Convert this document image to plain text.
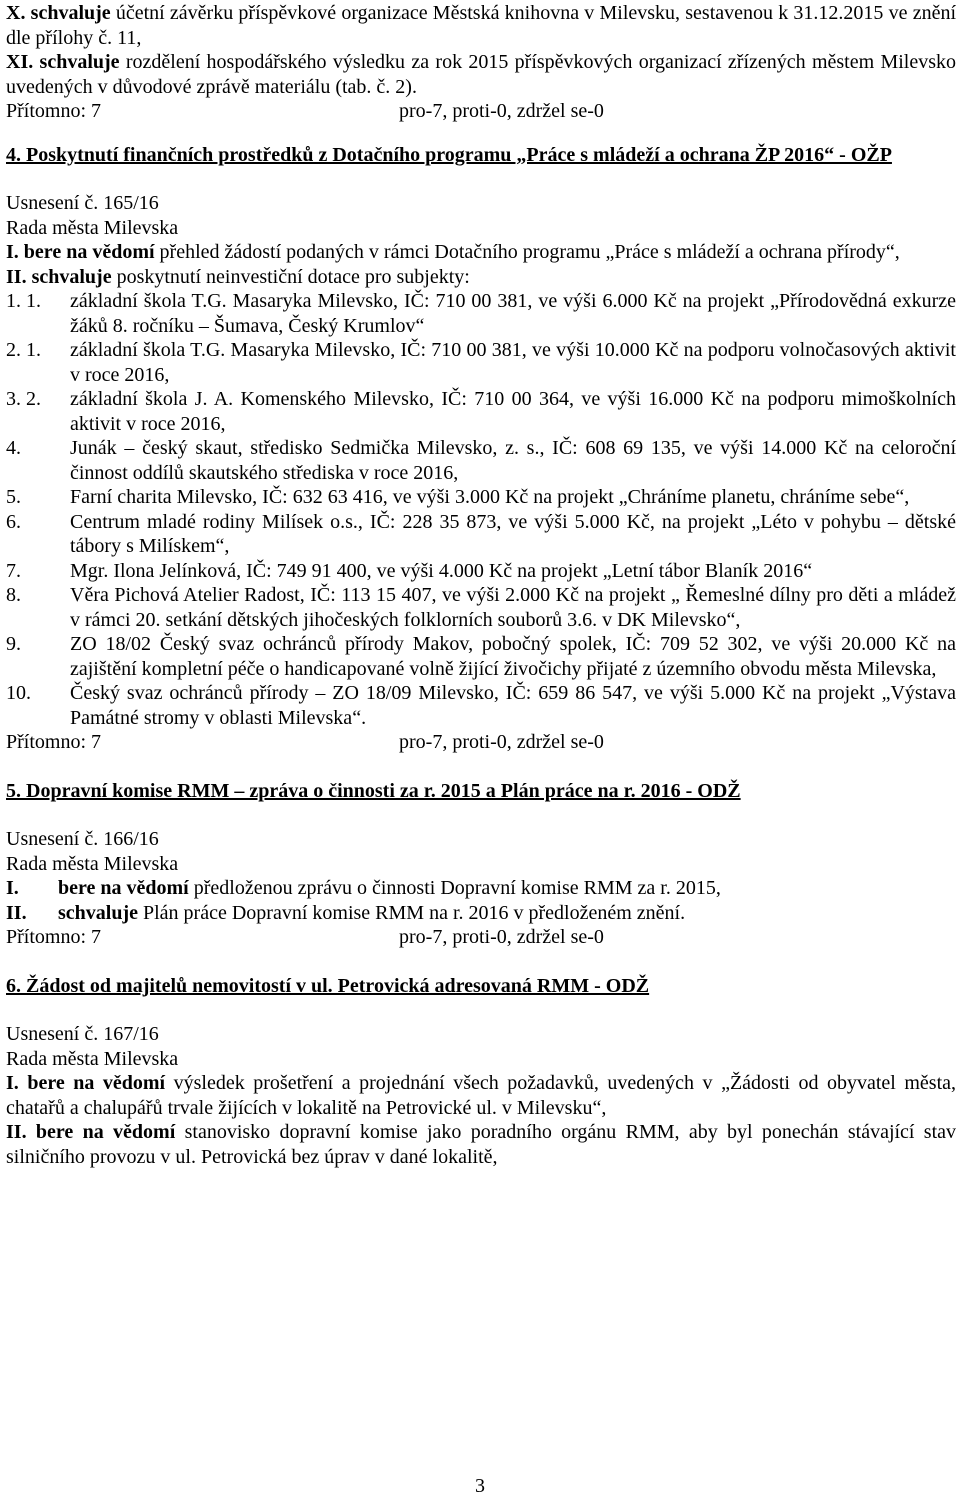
X. schvaluje účetní závěrku příspěvkové organizace Městská knihovna v Milevsku, sestavenou k 31.12.2015 ve znění dle přílohy č. 11,

XI. schvaluje rozdělení hospodářského výsledku za rok 2015 příspěvkových organizací zřízených městem Milevsko uvedených v důvodové zprávě materiálu (tab. č. 2).

Přítomno: 7	pro-7, proti-0, zdržel se-0

4. Poskytnutí finančních prostředků z Dotačního programu „Práce s mládeží a ochrana ŽP 2016“ - OŽP

Usnesení č. 165/16

Rada města Milevska

I. bere na vědomí přehled žádostí podaných v rámci Dotačního programu „Práce s mládeží a ochrana přírody“,

II. schvaluje poskytnutí neinvestiční dotace pro subjekty:

1. 1.	základní škola T.G. Masaryka Milevsko, IČ: 710 00 381, ve výši 6.000 Kč na projekt „Přírodovědná exkurze žáků 8. ročníku – Šumava, Český Krumlov“
2. 1.	základní škola T.G. Masaryka Milevsko, IČ: 710 00 381, ve výši 10.000 Kč na podporu volnočasových aktivit v roce 2016,
3. 2.	základní škola J. A. Komenského Milevsko, IČ: 710 00 364, ve výši 16.000 Kč na podporu mimoškolních aktivit v roce 2016,
4.	Junák – český skaut, středisko Sedmička Milevsko, z. s., IČ: 608 69 135, ve výši 14.000 Kč na celoroční činnost oddílů skautského střediska v roce 2016,
5.	Farní charita Milevsko, IČ: 632 63 416, ve výši 3.000 Kč na projekt „Chráníme planetu, chráníme sebe“,
6.	Centrum mladé rodiny Milísek o.s., IČ: 228 35 873, ve výši 5.000 Kč, na projekt „Léto v pohybu – dětské tábory s Milískem“,
7.	Mgr. Ilona Jelínková, IČ: 749 91 400, ve výši 4.000 Kč na projekt „Letní tábor Blaník 2016“
8.	Věra Pichová Atelier Radost, IČ: 113 15 407, ve výši 2.000 Kč na projekt „ Řemeslné dílny pro děti a mládež v rámci 20. setkání dětských jihočeských folklorních souborů 3.6. v DK Milevsko“,
9.	ZO 18/02 Český svaz ochránců přírody Makov, pobočný spolek, IČ: 709 52 302, ve výši 20.000 Kč na zajištění kompletní péče o handicapované volně žijící živočichy přijaté z územního obvodu města Milevska,
10.	Český svaz ochránců přírody – ZO 18/09 Milevsko, IČ: 659 86 547, ve výši 5.000 Kč na projekt „Výstava Památné stromy v oblasti Milevska“.
Přítomno: 7	pro-7, proti-0, zdržel se-0

5. Dopravní komise RMM – zpráva o činnosti za r. 2015 a Plán práce na r. 2016 - ODŽ

Usnesení č. 166/16

Rada města Milevska

I.	bere na vědomí předloženou zprávu o činnosti Dopravní komise RMM za r. 2015,
II.	schvaluje Plán práce Dopravní komise RMM na r. 2016 v předloženém znění.
Přítomno: 7	pro-7, proti-0, zdržel se-0

6. Žádost od majitelů nemovitostí v ul. Petrovická adresovaná RMM - ODŽ

Usnesení č. 167/16

Rada města Milevska

I. bere na vědomí výsledek prošetření a projednání všech požadavků, uvedených v „Žádosti od obyvatel města, chatařů a chalupářů trvale žijících v lokalitě na Petrovické ul. v Milevsku“,

II. bere na vědomí stanovisko dopravní komise jako poradního orgánu RMM, aby byl ponechán stávající stav silničního provozu v ul. Petrovická bez úprav v dané lokalitě,

3
